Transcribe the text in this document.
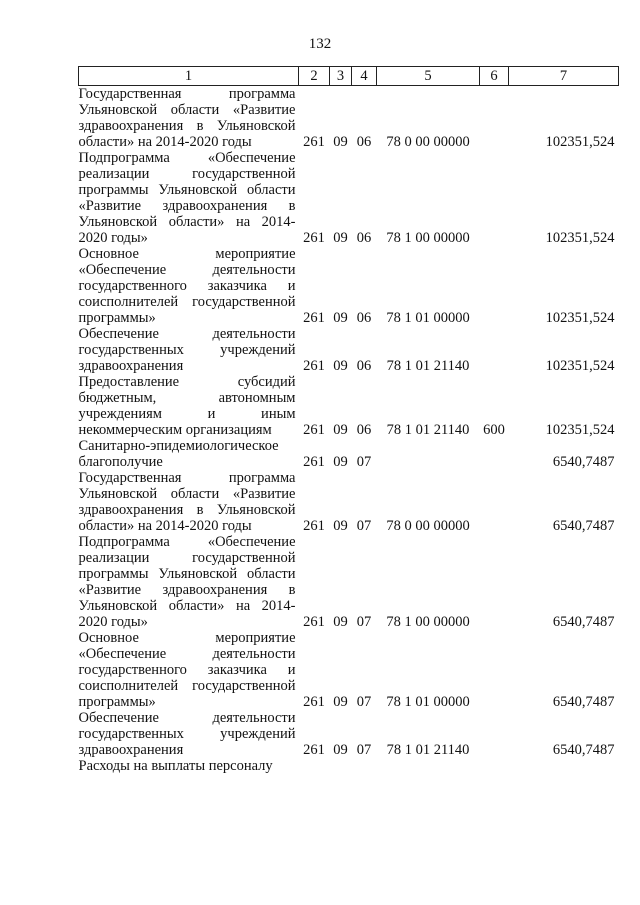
132
1	2	3	4	5	6	7
Государственная программа Ульяновской области «Развитие здравоохранения в Ульяновской области» на 2014-2020 годы	261	09	06	78 0 00 00000		102351,524
Подпрограмма «Обеспечение реализации государственной программы Ульяновской области «Развитие здравоохранения в Ульяновской области» на 2014-2020 годы»	261	09	06	78 1 00 00000		102351,524
Основное мероприятие «Обеспечение деятельности государственного заказчика и соисполнителей государственной программы»	261	09	06	78 1 01 00000		102351,524
Обеспечение деятельности государственных учреждений здравоохранения	261	09	06	78 1 01 21140		102351,524
Предоставление субсидий бюджетным, автономным учреждениям и иным некоммерческим организациям	261	09	06	78 1 01 21140	600	102351,524
Санитарно-эпидемиологическое благополучие	261	09	07			6540,7487
Государственная программа Ульяновской области «Развитие здравоохранения в Ульяновской области» на 2014-2020 годы	261	09	07	78 0 00 00000		6540,7487
Подпрограмма «Обеспечение реализации государственной программы Ульяновской области «Развитие здравоохранения в Ульяновской области» на 2014-2020 годы»	261	09	07	78 1 00 00000		6540,7487
Основное мероприятие «Обеспечение деятельности государственного заказчика и соисполнителей государственной программы»	261	09	07	78 1 01 00000		6540,7487
Обеспечение деятельности государственных учреждений здравоохранения	261	09	07	78 1 01 21140		6540,7487
Расходы на выплаты персоналу						
